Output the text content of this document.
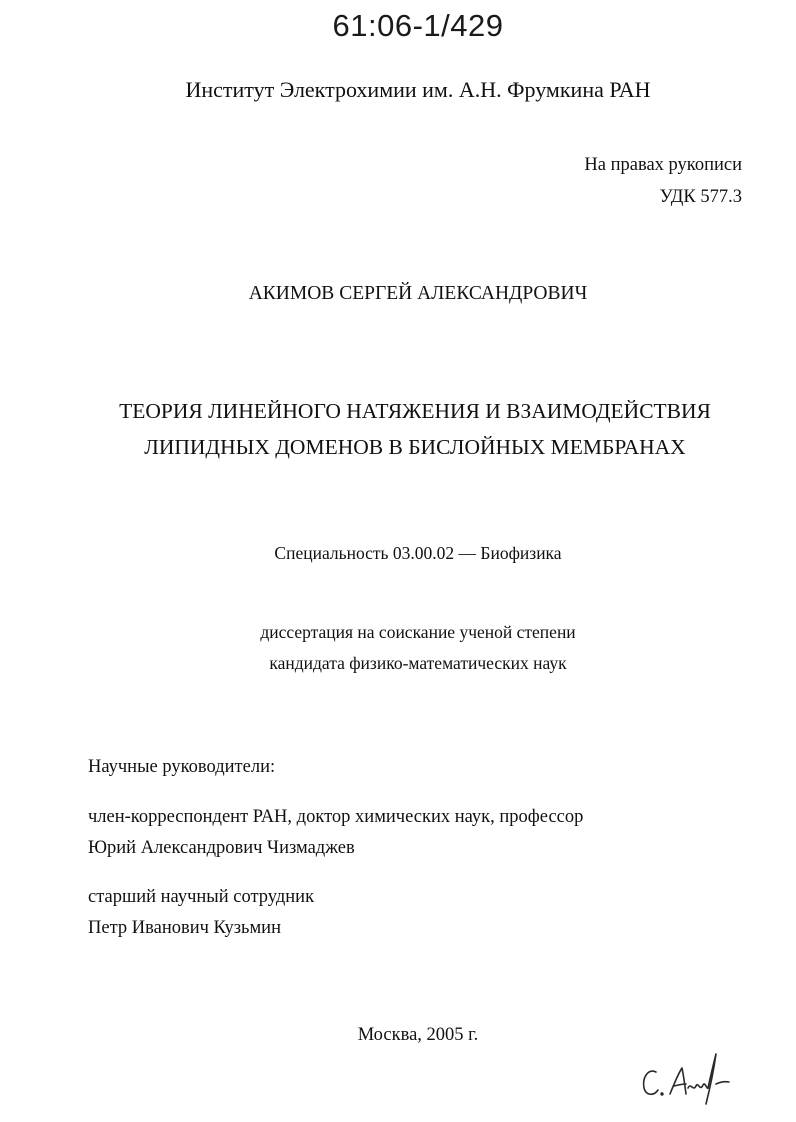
61:06-1/429
Институт Электрохимии им. А.Н. Фрумкина РАН
На правах рукописи
УДК 577.3
АКИМОВ СЕРГЕЙ АЛЕКСАНДРОВИЧ
ТЕОРИЯ ЛИНЕЙНОГО НАТЯЖЕНИЯ И ВЗАИМОДЕЙСТВИЯ
ЛИПИДНЫХ ДОМЕНОВ В БИСЛОЙНЫХ МЕМБРАНАХ
Специальность 03.00.02 — Биофизика
диссертация на соискание ученой степени
кандидата физико-математических наук
Научные руководители:
член-корреспондент РАН, доктор химических наук, профессор
Юрий Александрович Чизмаджев
старший научный сотрудник
Петр Иванович Кузьмин
Москва, 2005 г.
